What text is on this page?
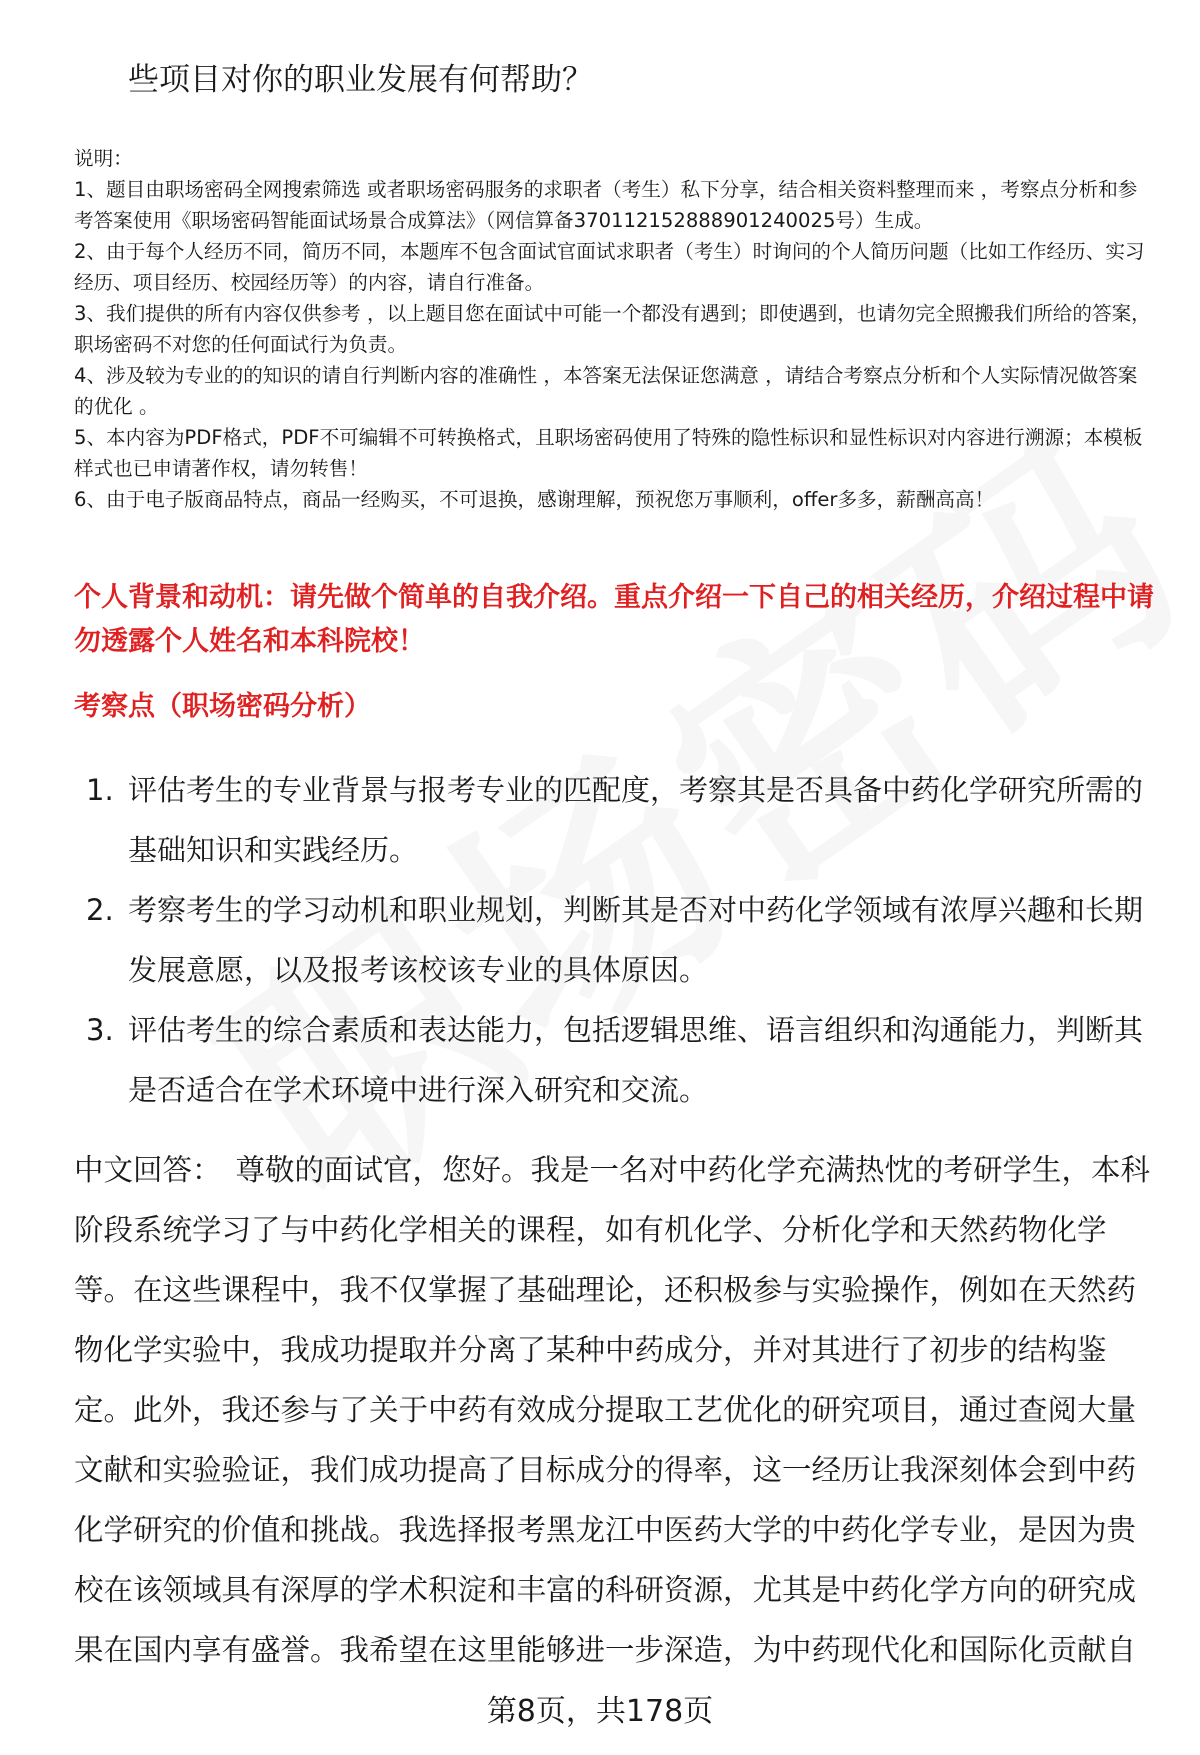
些项目对你的职业发展有何帮助？

说明：

1、题目由职场密码全网搜索筛选 或者职场密码服务的求职者（考生）私下分享，结合相关资料整理而来 ，考察点分析和参考答案使用《职场密码智能面试场景合成算法》（网信算备370112152888901240025号）生成。

2、由于每个人经历不同，简历不同，本题库不包含面试官面试求职者（考生）时询问的个人简历问题（比如工作经历、实习经历、项目经历、校园经历等）的内容，请自行准备。

3、我们提供的所有内容仅供参考 ，以上题目您在面试中可能一个都没有遇到；即使遇到，也请勿完全照搬我们所给的答案，职场密码不对您的任何面试行为负责。

4、涉及较为专业的的知识的请自行判断内容的准确性 ，本答案无法保证您满意 ，请结合考察点分析和个人实际情况做答案的优化 。

5、本内容为PDF格式，PDF不可编辑不可转换格式，且职场密码使用了特殊的隐性标识和显性标识对内容进行溯源；本模板样式也已申请著作权，请勿转售！

6、由于电子版商品特点，商品一经购买，不可退换，感谢理解，预祝您万事顺利，offer多多，薪酬高高！

个人背景和动机：请先做个简单的自我介绍。重点介绍一下自己的相关经历，介绍过程中请勿透露个人姓名和本科院校！
考察点（职场密码分析）
1. 评估考生的专业背景与报考专业的匹配度，考察其是否具备中药化学研究所需的基础知识和实践经历。
2. 考察考生的学习动机和职业规划，判断其是否对中药化学领域有浓厚兴趣和长期发展意愿，以及报考该校该专业的具体原因。
3. 评估考生的综合素质和表达能力，包括逻辑思维、语言组织和沟通能力，判断其是否适合在学术环境中进行深入研究和交流。

中文回答： 尊敬的面试官，您好。我是一名对中药化学充满热忱的考研学生，本科阶段系统学习了与中药化学相关的课程，如有机化学、分析化学和天然药物化学等。在这些课程中，我不仅掌握了基础理论，还积极参与实验操作，例如在天然药物化学实验中，我成功提取并分离了某种中药成分，并对其进行了初步的结构鉴定。此外，我还参与了关于中药有效成分提取工艺优化的研究项目，通过查阅大量文献和实验验证，我们成功提高了目标成分的得率，这一经历让我深刻体会到中药化学研究的价值和挑战。我选择报考黑龙江中医药大学的中药化学专业，是因为贵校在该领域具有深厚的学术积淀和丰富的科研资源，尤其是中药化学方向的研究成果在国内享有盛誉。我希望在这里能够进一步深造，为中药现代化和国际化贡献自

第8页，共178页
